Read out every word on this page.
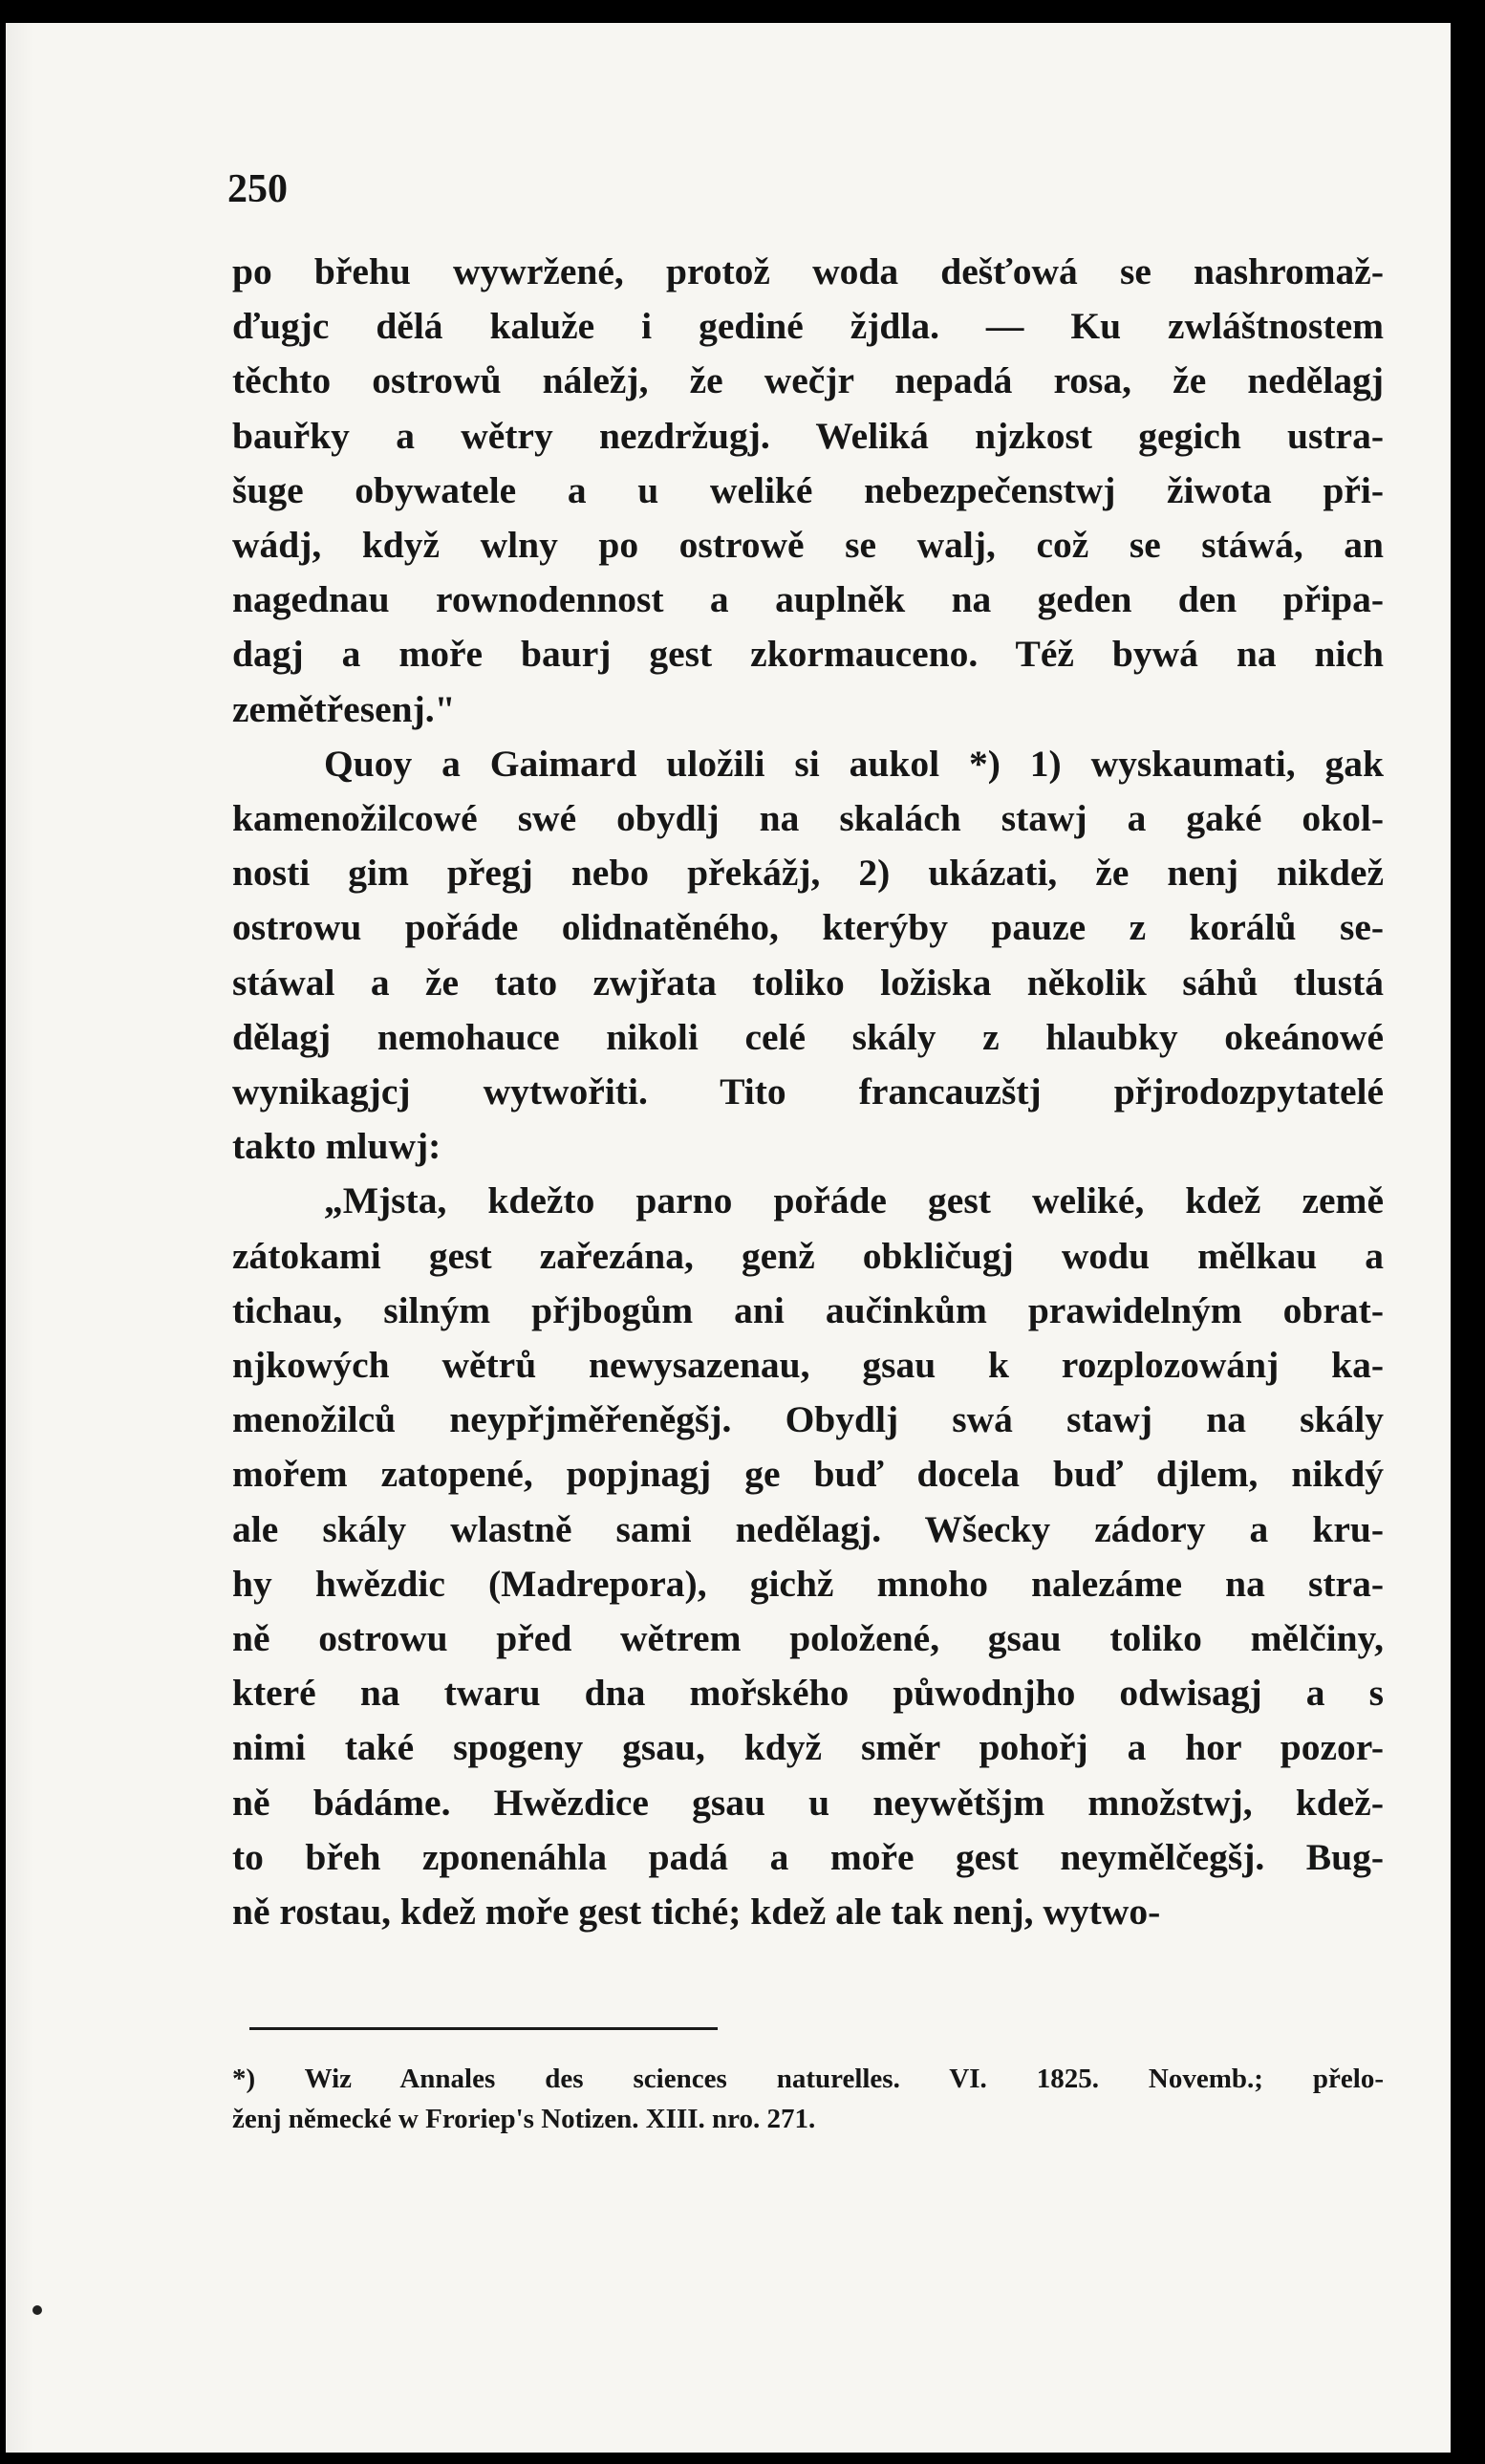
250
po břehu wywržené, protož woda dešťowá se nashromaž-
ďugjc dělá kaluže i gediné žjdla. — Ku zwláštnostem
těchto ostrowů náležj, že wečjr nepadá rosa, že nedělagj
bauřky a wětry nezdržugj. Weliká njzkost gegich ustra-
šuge obywatele a u weliké nebezpečenstwj žiwota při-
wádj, když wlny po ostrowě se walj, což se stáwá, an
nagednau rownodennost a auplněk na geden den připa-
dagj a moře baurj gest zkormauceno. Též bywá na nich
zemětřesenj."
Quoy a Gaimard uložili si aukol *) 1) wyskaumati, gak
kamenožilcowé swé obydlj na skalách stawj a gaké okol-
nosti gim přegj nebo překážj, 2) ukázati, že nenj nikdež
ostrowu pořáde olidnatěného, kterýby pauze z korálů se-
stáwal a že tato zwjřata toliko ložiska několik sáhů tlustá
dělagj nemohauce nikoli celé skály z hlaubky okeánowé
wynikagjcj wytwořiti. Tito francauzštj přjrodozpytatelé
takto mluwj:
„Mjsta, kdežto parno pořáde gest weliké, kdež země
zátokami gest zařezána, genž obkličugj wodu mělkau a
tichau, silným přjbogům ani aučinkům prawidelným obrat-
njkowých wětrů newysazenau, gsau k rozplozowánj ka-
menožilců neypřjměřeněgšj. Obydlj swá stawj na skály
mořem zatopené, popjnagj ge buď docela buď djlem, nikdý
ale skály wlastně sami nedělagj. Wšecky zádory a kru-
hy hwězdic (Madrepora), gichž mnoho nalezáme na stra-
ně ostrowu před wětrem položené, gsau toliko mělčiny,
které na twaru dna mořského půwodnjho odwisagj a s
nimi také spogeny gsau, když směr pohořj a hor pozor-
ně bádáme. Hwězdice gsau u neywětšjm množstwj, kdež-
to břeh zponenáhla padá a moře gest neymělčegšj. Bug-
ně rostau, kdež moře gest tiché; kdež ale tak nenj, wytwo-
*) Wiz Annales des sciences naturelles. VI. 1825. Novemb.; přelo-
ženj německé w Froriep's Notizen. XIII. nro. 271.
